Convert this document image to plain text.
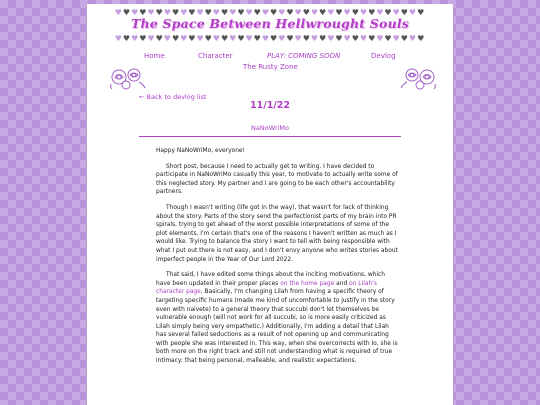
♥♥♥♥♥♥♥♥♥♥♥♥♥♥♥♥♥♥♥♥♥♥♥♥♥♥♥♥♥♥♥♥♥♥♥♥♥♥
The Space Between Hellwrought Souls
♥♥♥♥♥♥♥♥♥♥♥♥♥♥♥♥♥♥♥♥♥♥♥♥♥♥♥♥♥♥♥♥♥♥♥♥♥♥
Home	Character	PLAY: COMING SOON	Devlog
The Rusty Zone
← Back to devlog list
11/1/22
NaNoWriMo

Happy NaNoWriMo, everyone!

Short post, because I need to actually get to writing. I have decided to participate in NaNoWriMo casually this year, to motivate to actually write some of this neglected story. My partner and I are going to be each other's accountability partners.

Though I wasn't writing (life got in the way), that wasn't for lack of thinking about the story. Parts of the story send the perfectionist parts of my brain into PR spirals, trying to get ahead of the worst possible interpretations of some of the plot elements. I'm certain that's one of the reasons I haven't written as much as I would like. Trying to balance the story I want to tell with being responsible with what I put out there is not easy, and I don't envy anyone who writes stories about imperfect people in the Year of Our Lord 2022.

That said, I have edited some things about the inciting motivations, which have been updated in their proper places on the home page and on Lilah's character page. Basically, I'm changing Lilah from having a specific theory of targeting specific humans (made me kind of uncomfortable to justify in the story even with naivete) to a general theory that succubi don't let themselves be vulnerable enough (will not work for all succubi, so is more easily criticized as Lilah simply being very empathetic.) Additionally, I'm adding a detail that Lilah has several failed seductions as a result of not opening up and communicating with people she was interested in. This way, when she overcorrects with Io, she is both more on the right track and still not understanding what is required of true intimacy: that being personal, malleable, and realistic expectations.
